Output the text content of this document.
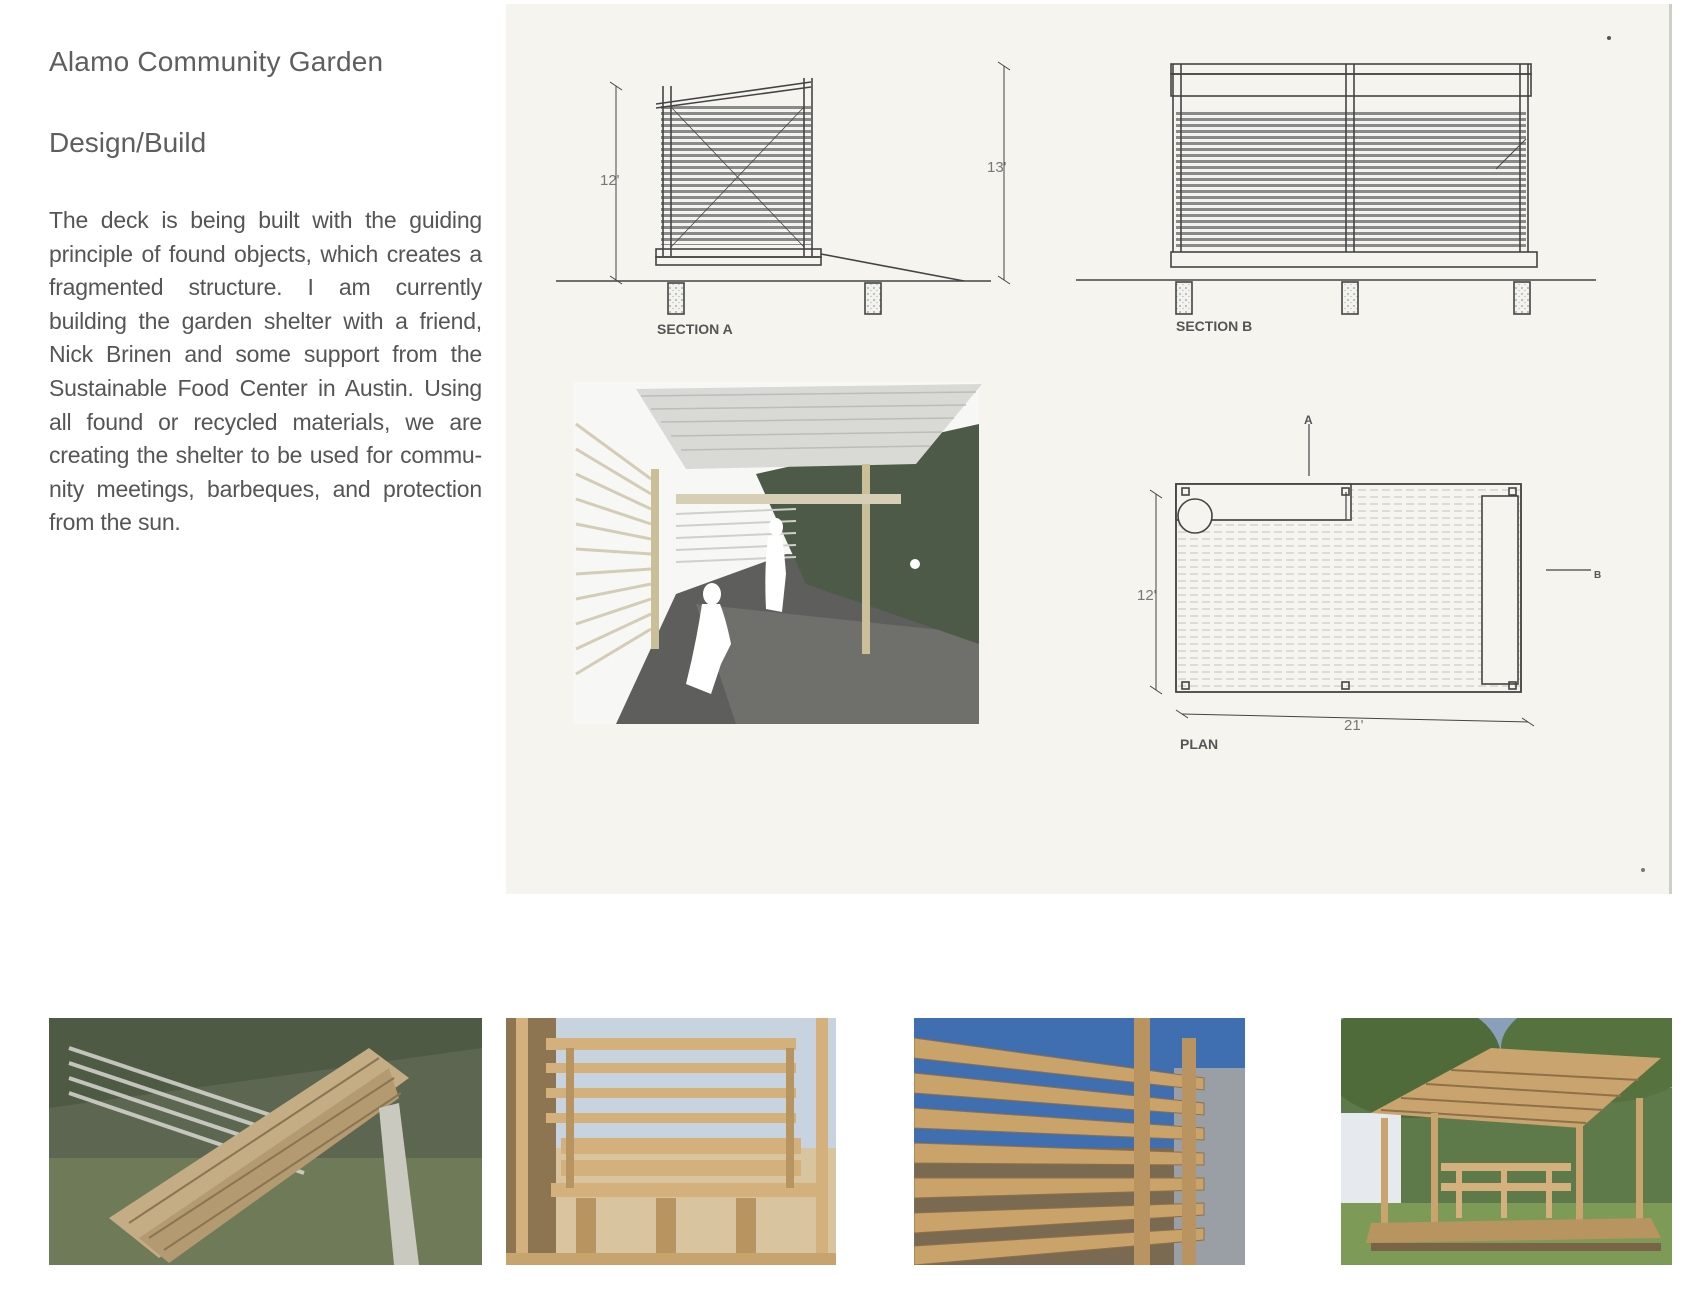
Alamo Community Garden
Design/Build
The deck is being built with the guiding principle of found objects, which creates a fragmented structure. I am currently building the garden shelter with a friend, Nick Brinen and some support from the Sustainable Food Center in Austin. Using all found or recycled materials, we are creating the shelter to be used for commu-nity meetings, barbeques, and protection from the sun.
12'
13'
SECTION A	SECTION B
12'
21'
A
B
PLAN
